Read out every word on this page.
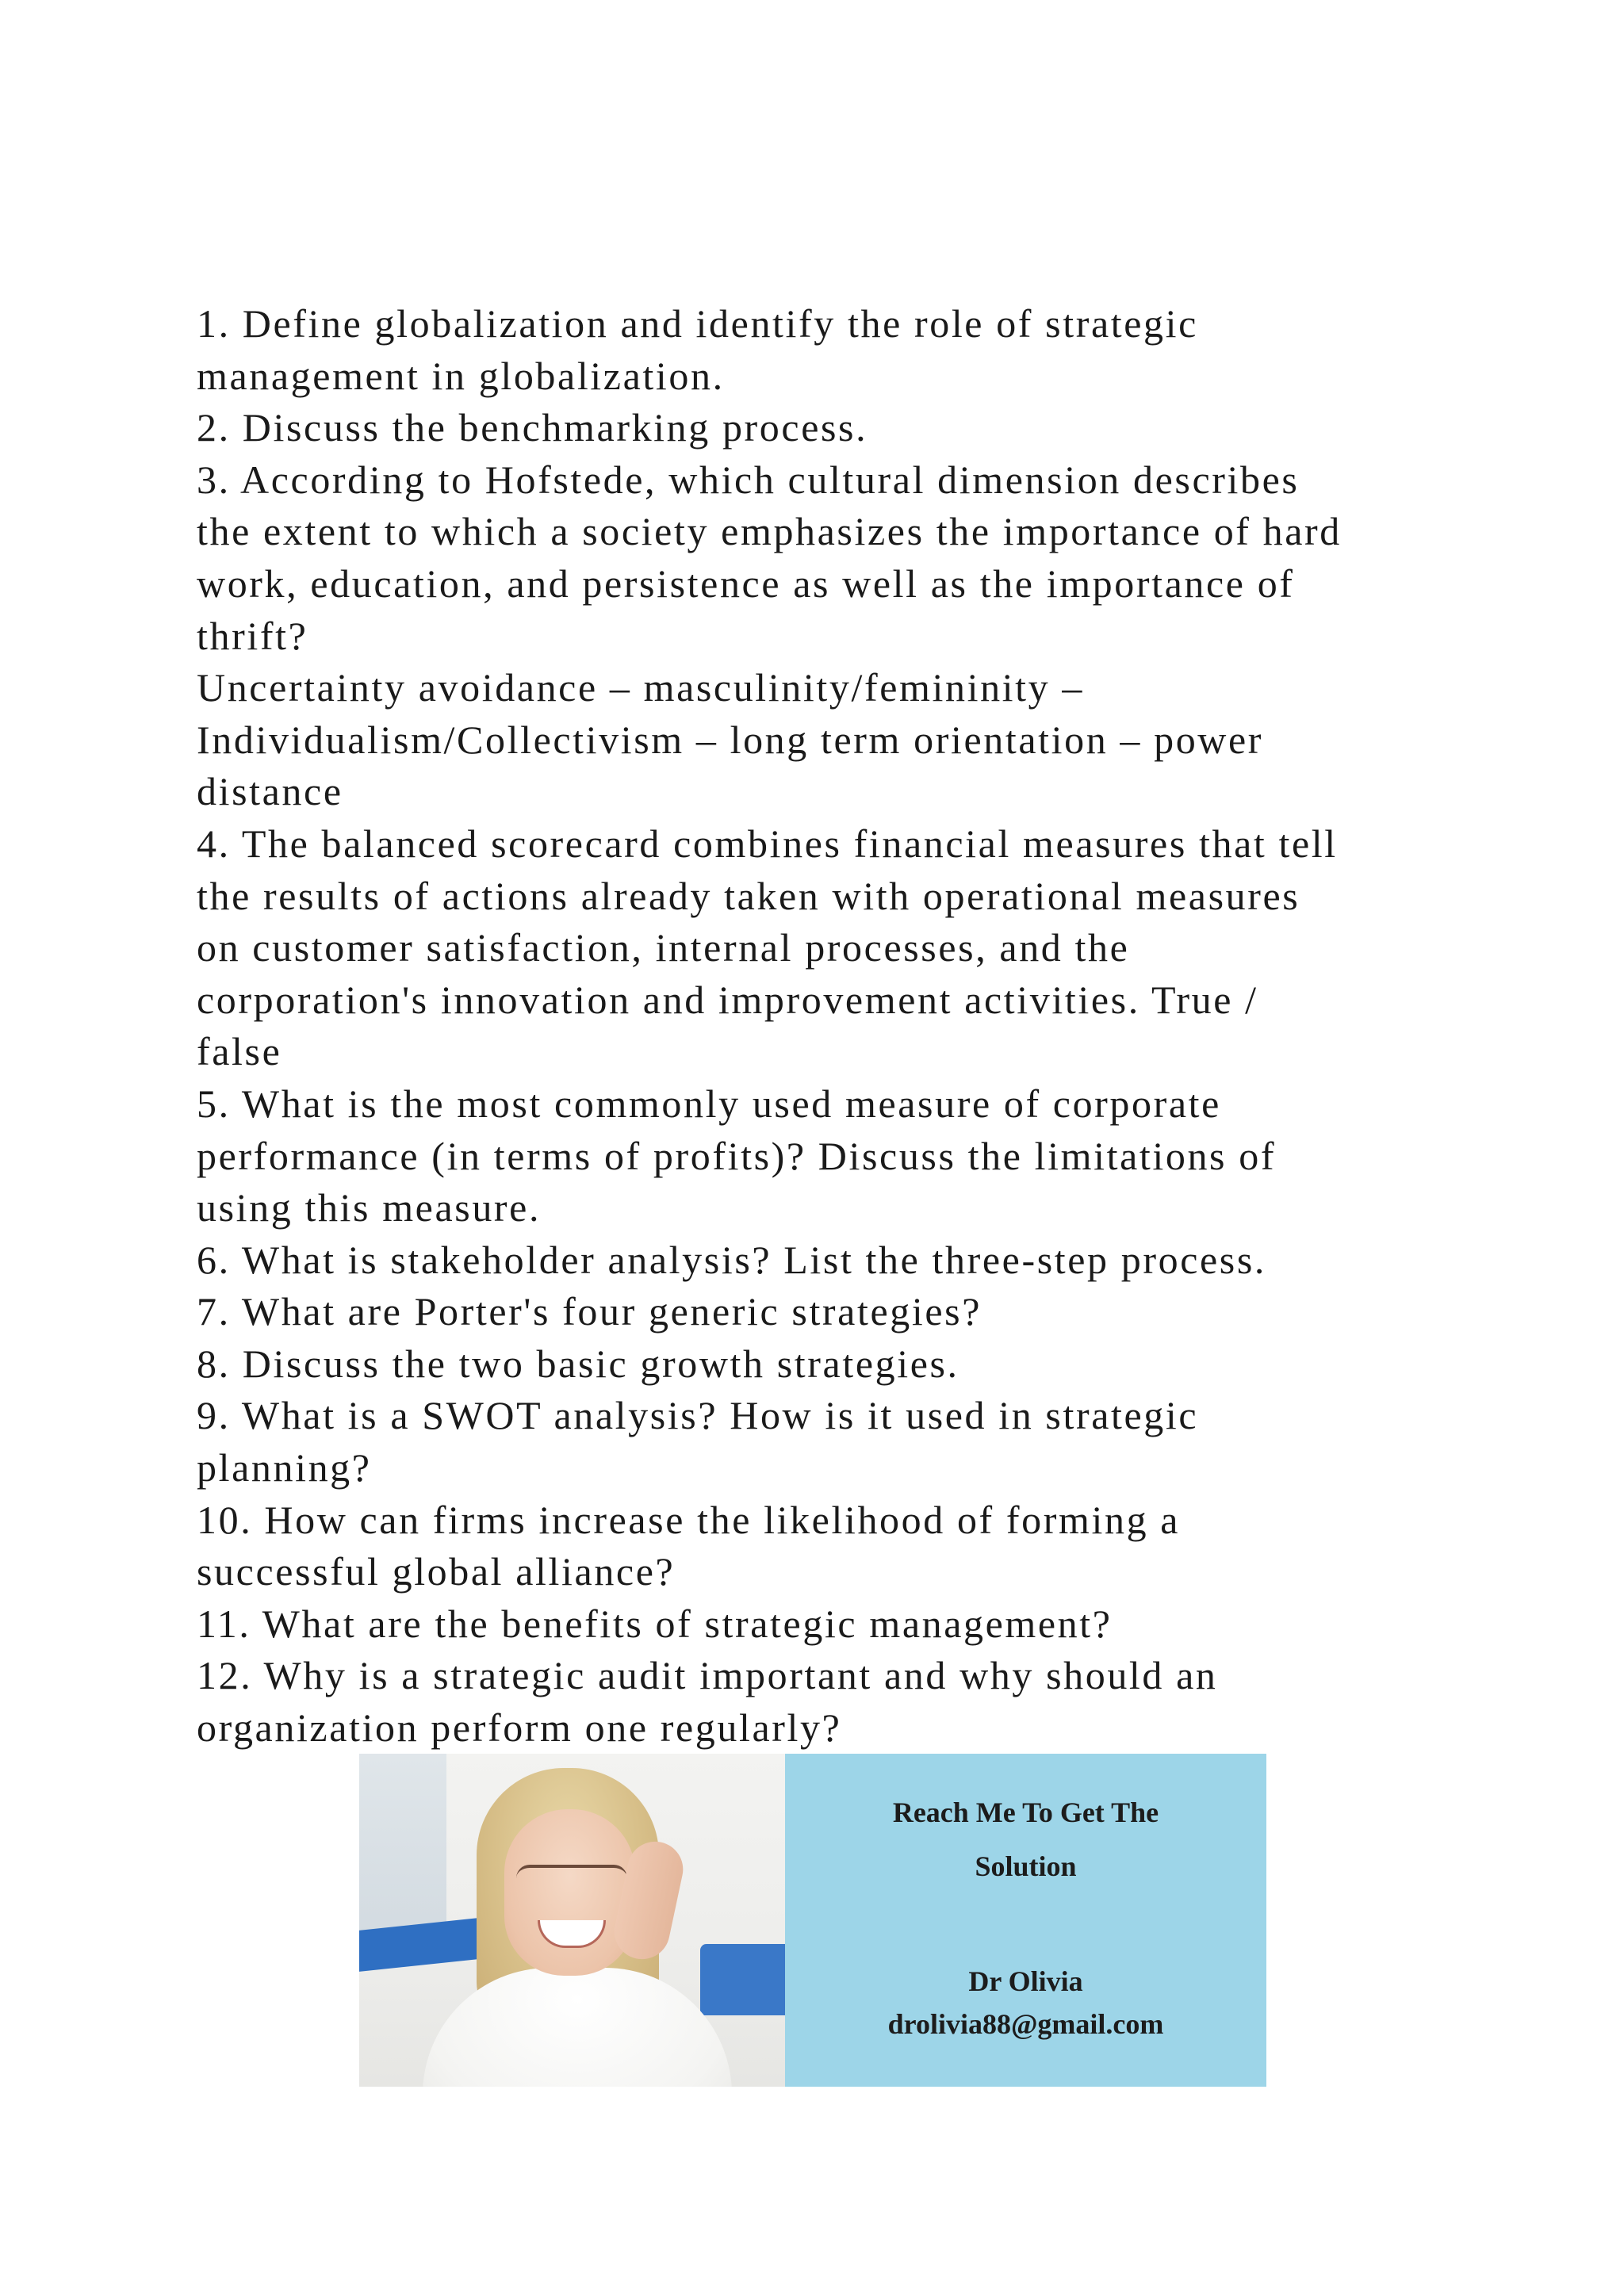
1. Define globalization and identify the role of strategic
management in globalization.
2. Discuss the benchmarking process.
3. According to Hofstede, which cultural dimension describes
the extent to which a society emphasizes the importance of hard
work, education, and persistence as well as the importance of
thrift?
Uncertainty avoidance – masculinity/femininity –
Individualism/Collectivism – long term orientation – power
distance
4. The balanced scorecard combines financial measures that tell
the results of actions already taken with operational measures
on customer satisfaction, internal processes, and the
corporation's innovation and improvement activities. True /
false
5. What is the most commonly used measure of corporate
performance (in terms of profits)? Discuss the limitations of
using this measure.
6. What is stakeholder analysis? List the three-step process.
7. What are Porter's four generic strategies?
8. Discuss the two basic growth strategies.
9. What is a SWOT analysis? How is it used in strategic
planning?
10. How can firms increase the likelihood of forming a
successful global alliance?
11. What are the benefits of strategic management?
12. Why is a strategic audit important and why should an
organization perform one regularly?
Reach Me To Get The
Solution
Dr Olivia
drolivia88@gmail.com
